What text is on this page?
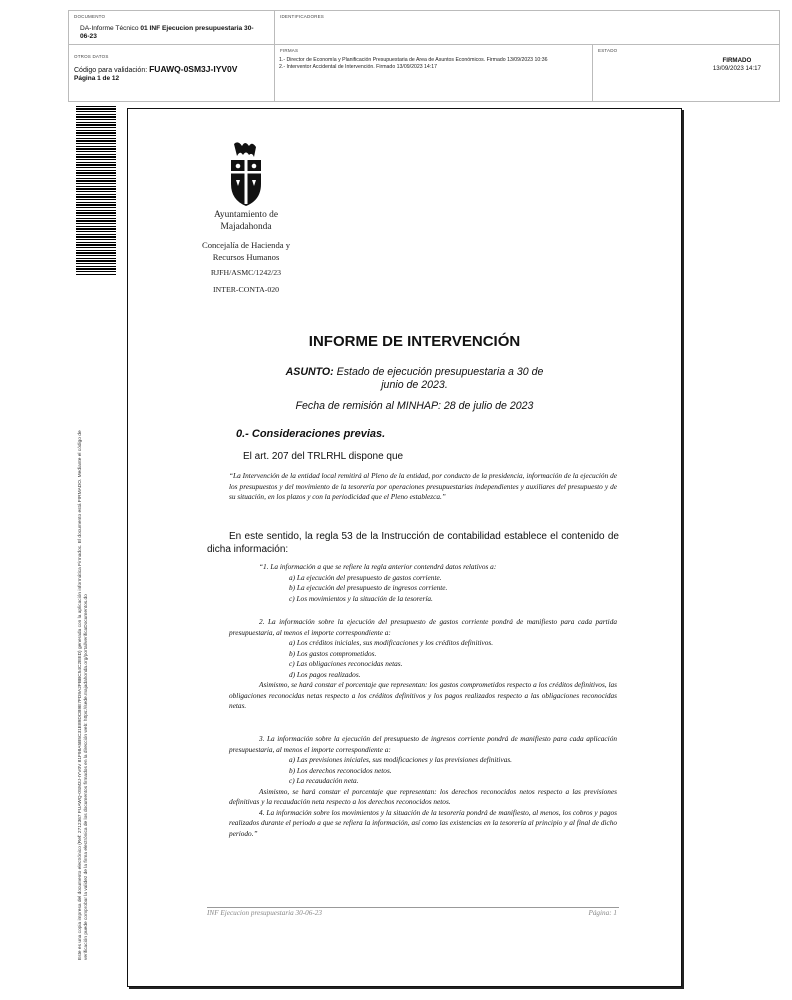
DOCUMENTO
DA-Informe Técnico 01 INF Ejecucion presupuestaria 30-06-23
IDENTIFICADORES
OTROS DATOS
Código para validación: FUAWQ-0SM3J-IYV0V
Página 1 de 12
FIRMAS
1.- Director de Economía y Planificación Presupuestaria de Area de Asuntos Económicos. Firmado 13/09/2023 10:36
2.- Interventor Accidental de Intervención. Firmado 13/09/2023 14:17
ESTADO
FIRMADO
13/09/2023 14:17
Este es una copia impresa del documento electrónico (Ref: 2712367 FUAWQ-0SM3J-IYV0V 81F98A5B5C31E89DCB9E7FD9A2FBBC54C2EED) generada con la aplicación informática Firmadoc. El documento está FIRMADO. Mediante el código de verificación puede comprobar la validez de la firma electrónica de los documentos firmados en la dirección web: https://sede.majadahonda.org/portal/verificaDocumentos.do
Ayuntamiento de
Majadahonda
Concejalía de Hacienda y
Recursos Humanos
RJFH/ASMC/1242/23
INTER-CONTA-020
INFORME DE INTERVENCIÓN
ASUNTO: Estado de ejecución presupuestaria a 30 de
junio de 2023.
Fecha de remisión al MINHAP: 28 de julio de 2023
0.- Consideraciones previas.
El art. 207 del TRLRHL dispone que
“La Intervención de la entidad local remitirá al Pleno de la entidad, por conducto de la presidencia, información de la ejecución de los presupuestos y del movimiento de la tesorería por operaciones presupuestarias independientes y auxiliares del presupuesto y de su situación, en los plazos y con la periodicidad que el Pleno establezca.”
En este sentido, la regla 53 de la Instrucción de contabilidad establece el contenido de dicha información:
“1. La información a que se refiere la regla anterior contendrá datos relativos a:
a) La ejecución del presupuesto de gastos corriente.
b) La ejecución del presupuesto de ingresos corriente.
c) Los movimientos y la situación de la tesorería.
2. La información sobre la ejecución del presupuesto de gastos corriente pondrá de manifiesto para cada partida presupuestaria, al menos el importe correspondiente a:
a) Los créditos iniciales, sus modificaciones y los créditos definitivos.
b) Los gastos comprometidos.
c) Las obligaciones reconocidas netas.
d) Los pagos realizados.
Asimismo, se hará constar el porcentaje que representan: los gastos comprometidos respecto a los créditos definitivos, las obligaciones reconocidas netas respecto a los créditos definitivos y los pagos realizados respecto a las obligaciones reconocidas netas.
3. La información sobre la ejecución del presupuesto de ingresos corriente pondrá de manifiesto para cada aplicación presupuestaria, al menos el importe correspondiente a:
a) Las previsiones iniciales, sus modificaciones y las previsiones definitivas.
b) Los derechos reconocidos netos.
c) La recaudación neta.
Asimismo, se hará constar el porcentaje que representan: los derechos reconocidos netos respecto a las previsiones definitivas y la recaudación neta respecto a los derechos reconocidos netos.
4. La información sobre los movimientos y la situación de la tesorería pondrá de manifiesto, al menos, los cobros y pagos realizados durante el periodo a que se refiera la información, así como las existencias en la tesorería al principio y al final de dicho periodo.”
INF Ejecucion presupuestaria 30-06-23	Página: 1
